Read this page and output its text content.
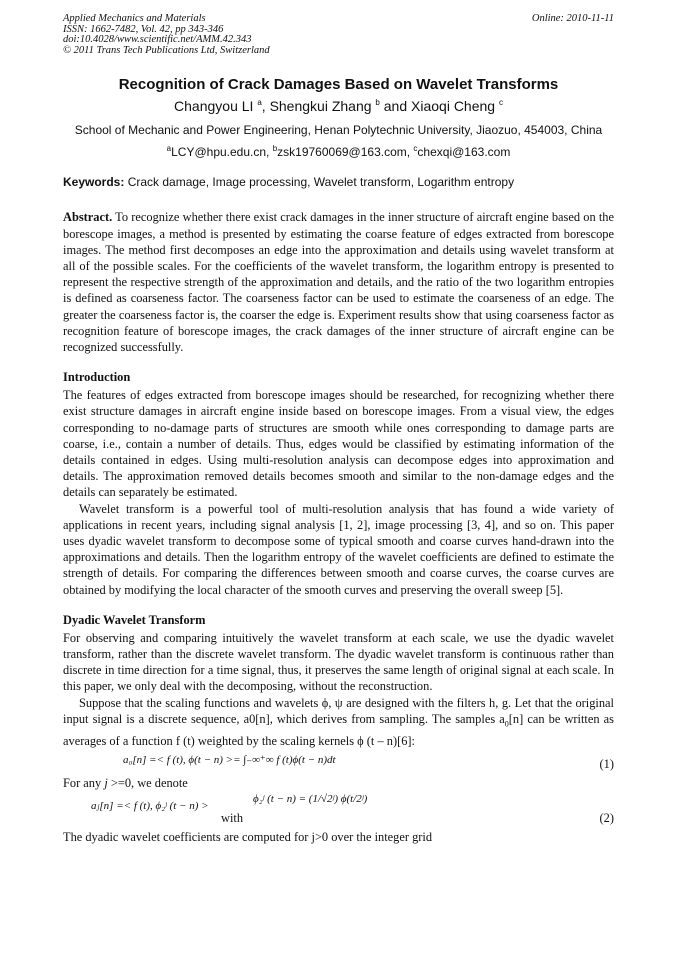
Applied Mechanics and Materials
ISSN: 1662-7482, Vol. 42, pp 343-346
doi:10.4028/www.scientific.net/AMM.42.343
© 2011 Trans Tech Publications Ltd, Switzerland
Online: 2010-11-11
Recognition of Crack Damages Based on Wavelet Transforms
Changyou LI $^a$, Shengkui Zhang $^b$ and Xiaoqi Cheng $^c$
School of Mechanic and Power Engineering, Henan Polytechnic University, Jiaozuo, 454003, China
$^a$LCY@hpu.edu.cn, $^b$zsk19760069@163.com, $^c$chexqi@163.com
Keywords: Crack damage, Image processing, Wavelet transform, Logarithm entropy
Abstract. To recognize whether there exist crack damages in the inner structure of aircraft engine based on the borescope images, a method is presented by estimating the coarse feature of edges extracted from borescope images. The method first decomposes an edge into the approximation and details using wavelet transform at all of the possible scales. For the coefficients of the wavelet transform, the logarithm entropy is presented to represent the respective strength of the approximation and details, and the ratio of the two logarithm entropies is defined as coarseness factor. The coarseness factor can be used to estimate the coarseness of an edge. The greater the coarseness factor is, the coarser the edge is. Experiment results show that using coarseness factor as recognition feature of borescope images, the crack damages of the inner structure of aircraft engine can be recognized successfully.
Introduction
The features of edges extracted from borescope images should be researched, for recognizing whether there exist structure damages in aircraft engine inside based on borescope images. From a visual view, the edges corresponding to no-damage parts of structures are smooth while ones corresponding to damage parts are coarse, i.e., contain a number of details. Thus, edges would be classified by estimating information of the details contained in edges. Using multi-resolution analysis can decompose edges into approximation and details. The approximation removed details becomes smooth and similar to the non-damage edges and the details can separately be estimated.
Wavelet transform is a powerful tool of multi-resolution analysis that has found a wide variety of applications in recent years, including signal analysis [1, 2], image processing [3, 4], and so on. This paper uses dyadic wavelet transform to decompose some of typical smooth and coarse curves hand-drawn into the approximations and details. Then the logarithm entropy of the wavelet coefficients are defined to estimate the strength of details. For comparing the differences between smooth and coarse curves, the coarse curves are obtained by modifying the local character of the smooth curves and preserving the overall sweep [5].
Dyadic Wavelet Transform
For observing and comparing intuitively the wavelet transform at each scale, we use the dyadic wavelet transform, rather than the discrete wavelet transform. The dyadic wavelet transform is continuous rather than discrete in time direction for a time signal, thus, it preserves the same length of original signal at each scale. In this paper, we only deal with the decomposing, without the reconstruction.
Suppose that the scaling functions and wavelets ϕ, ψ are designed with the filters h, g. Let that the original input signal is a discrete sequence, a0[n], which derives from sampling. The samples $a_0[n]$ can be written as averages of a function f (t) weighted by the scaling kernels ϕ (t – n)[6]:
a₀[n] =< f (t), ϕ(t − n) >= ∫₋∞⁺∞ f (t)ϕ(t − n)dt	(1)
For any j >=0, we denote
aⱼ[n] =< f (t), ϕ₂ʲ (t − n) >
with
ϕ₂ʲ (t − n) = (1/√2ʲ) ϕ(t/2ʲ)
(2)
The dyadic wavelet coefficients are computed for j>0 over the integer grid
